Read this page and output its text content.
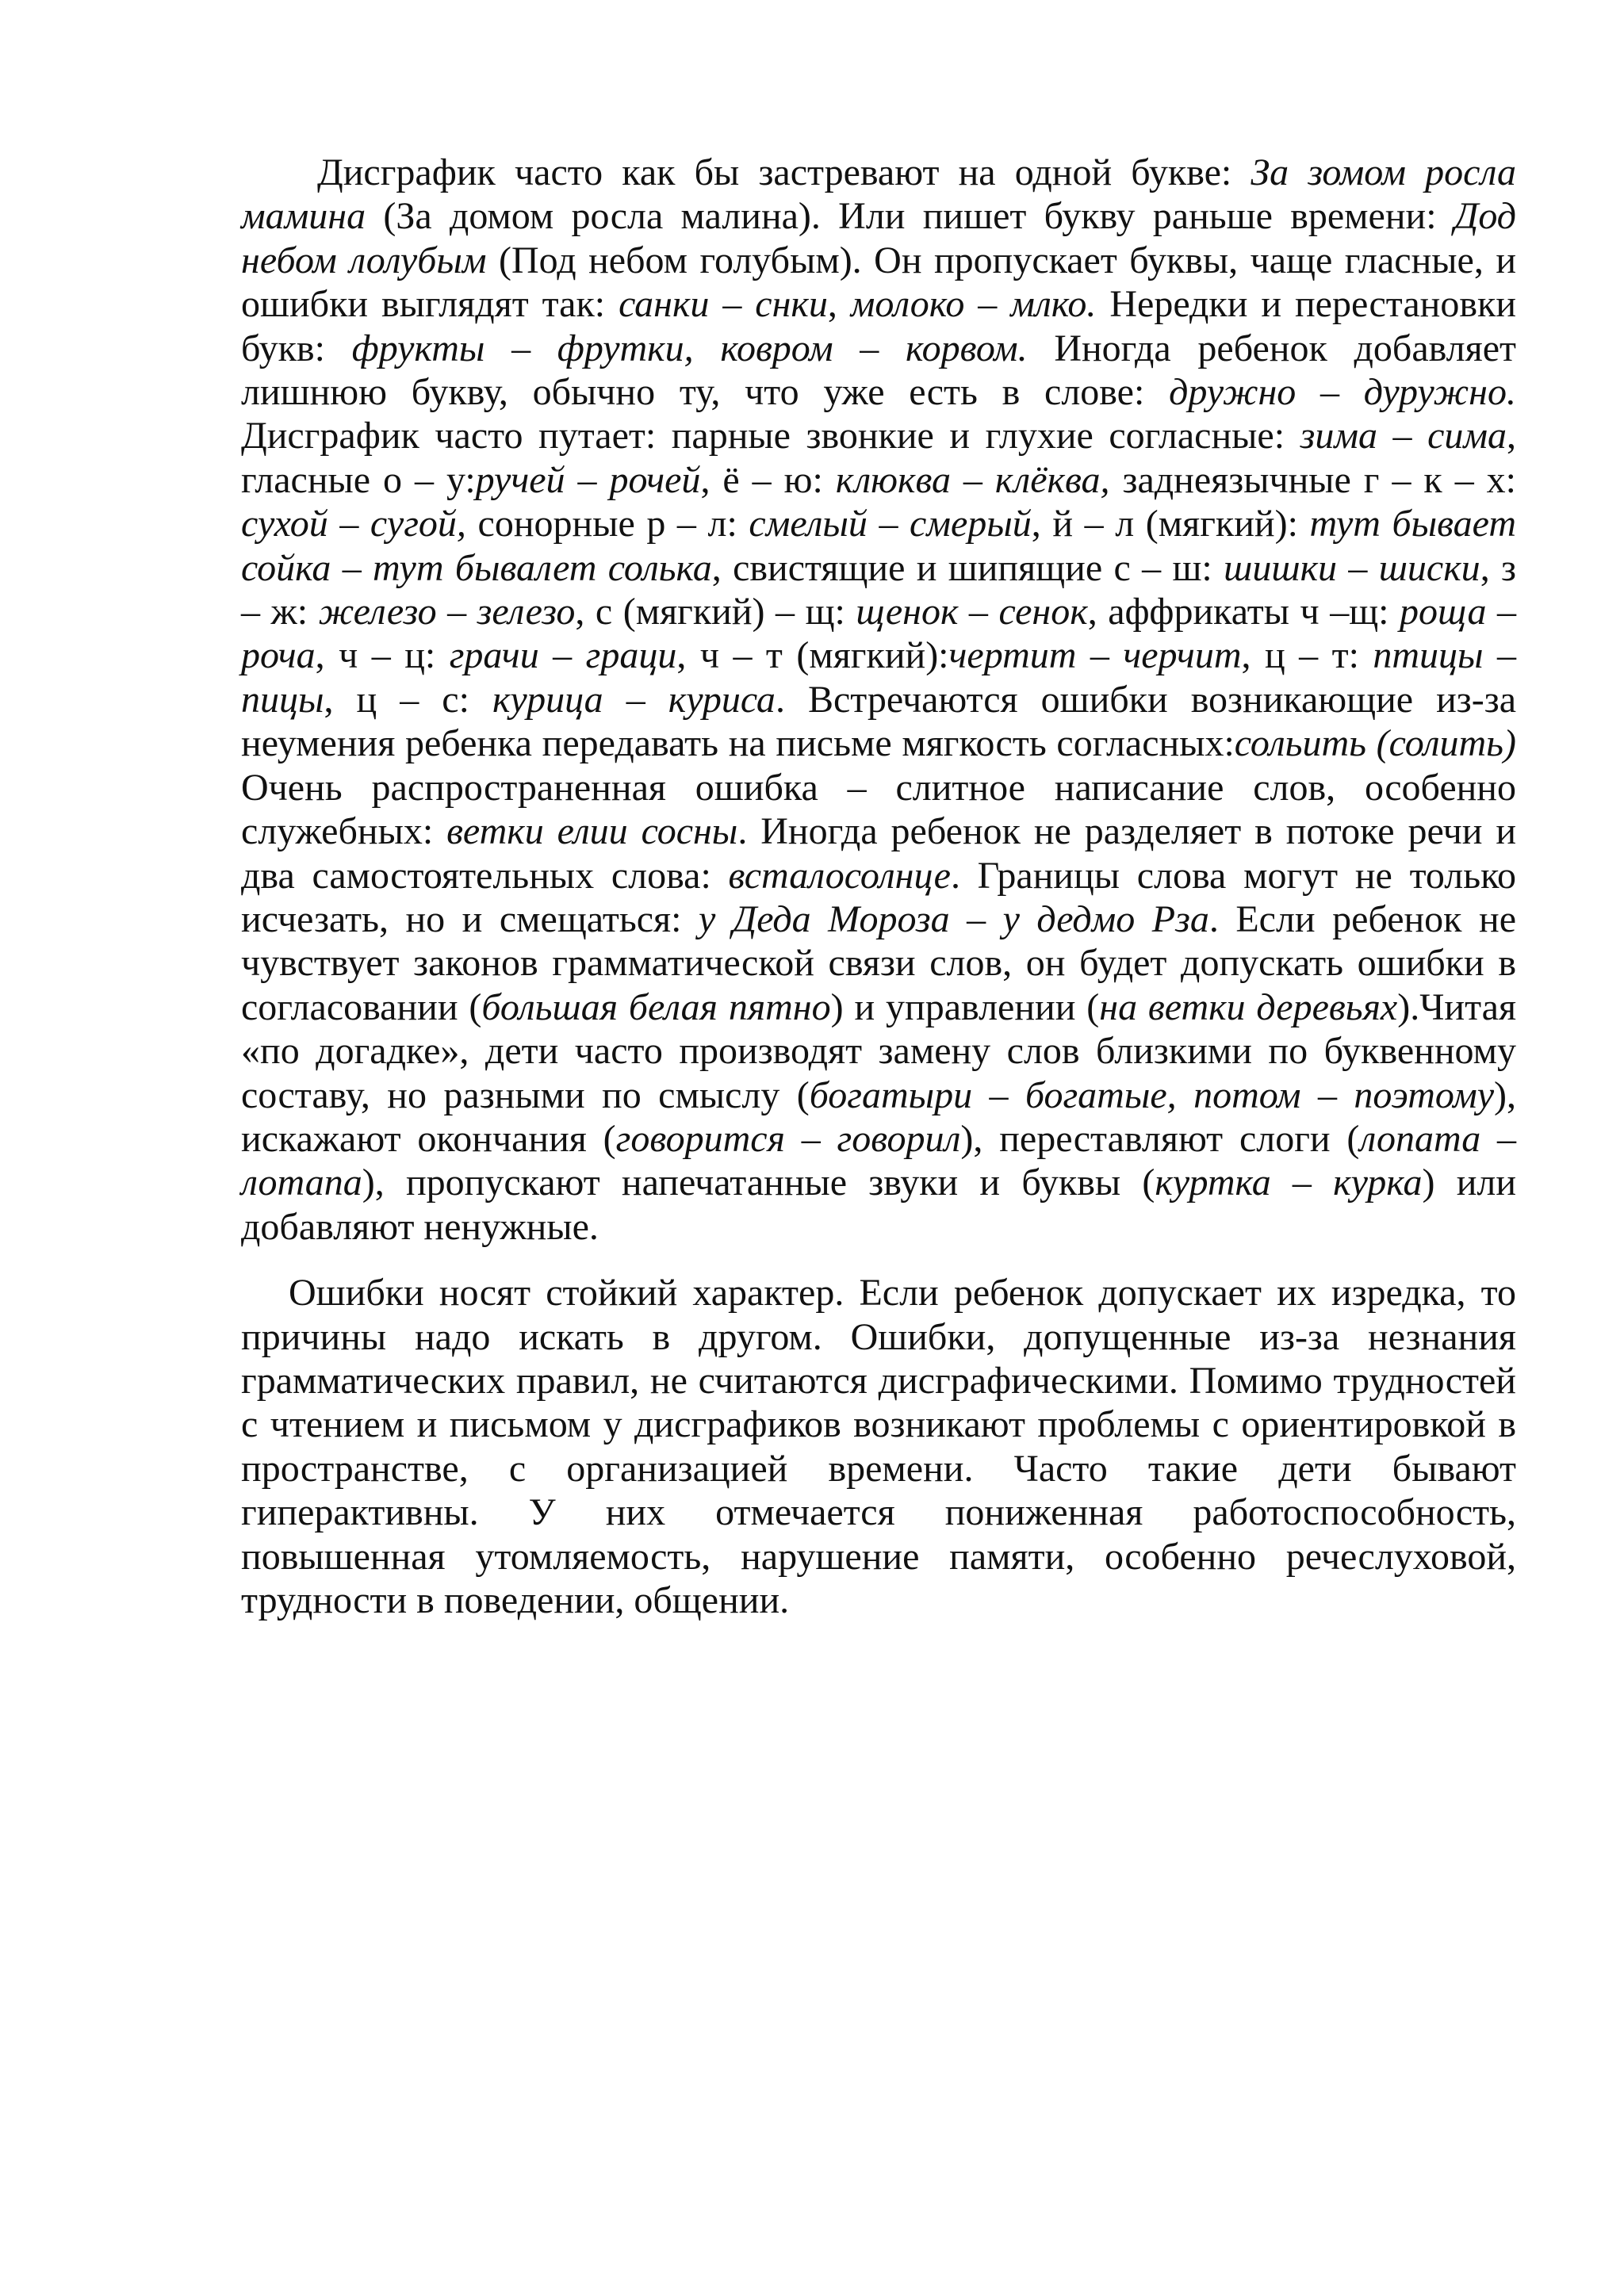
Дисграфик часто как бы застревают на одной букве: За зомом росла мамина (За домом росла малина). Или пишет букву раньше времени: Дод небом лолубым (Под небом голубым). Он пропускает буквы, чаще гласные, и ошибки выглядят так: санки – снки, молоко – млко. Нередки и перестановки букв: фрукты – фрутки, ковром – корвом. Иногда ребенок добавляет лишнюю букву, обычно ту, что уже есть в слове: дружно – дуружно. Дисграфик часто путает: парные звонкие и глухие согласные: зима – сима, гласные о – у:ручей – рочей, ё – ю: клюква – клёква, заднеязычные г – к – х: сухой – сугой, сонорные р – л: смелый – смерый, й – л (мягкий): тут бывает сойка – тут бывалет солька, свистящие и шипящие с – ш: шишки – шиски, з – ж: железо – зелезо, с (мягкий) – щ: щенок – сенок, аффрикаты ч –щ: роща – роча, ч – ц: грачи – граци, ч – т (мягкий):чертит – черчит, ц – т: птицы – пицы, ц – с: курица – куриса. Встречаются ошибки возникающие из-за неумения ребенка передавать на письме мягкость согласных:сольить (солить) Очень распространенная ошибка – слитное написание слов, особенно служебных: ветки елии сосны. Иногда ребенок не разделяет в потоке речи и два самостоятельных слова: всталосолнце. Границы слова могут не только исчезать, но и смещаться: у Деда Мороза – у дедмо Рза. Если ребенок не чувствует законов грамматической связи слов, он будет допускать ошибки в согласовании (большая белая пятно) и управлении (на ветки деревьях).Читая «по догадке», дети часто производят замену слов близкими по буквенному составу, но разными по смыслу (богатыри – богатые, потом – поэтому), искажают окончания (говорится – говорил), переставляют слоги (лопата – лотапа), пропускают напечатанные звуки и буквы (куртка – курка) или добавляют ненужные.

Ошибки носят стойкий характер. Если ребенок допускает их изредка, то причины надо искать в другом. Ошибки, допущенные из-за незнания грамматических правил, не считаются дисграфическими. Помимо трудностей с чтением и письмом у дисграфиков возникают проблемы с ориентировкой в пространстве, с организацией времени. Часто такие дети бывают гиперактивны. У них отмечается пониженная работоспособность, повышенная утомляемость, нарушение памяти, особенно речеслуховой, трудности в поведении, общении.
